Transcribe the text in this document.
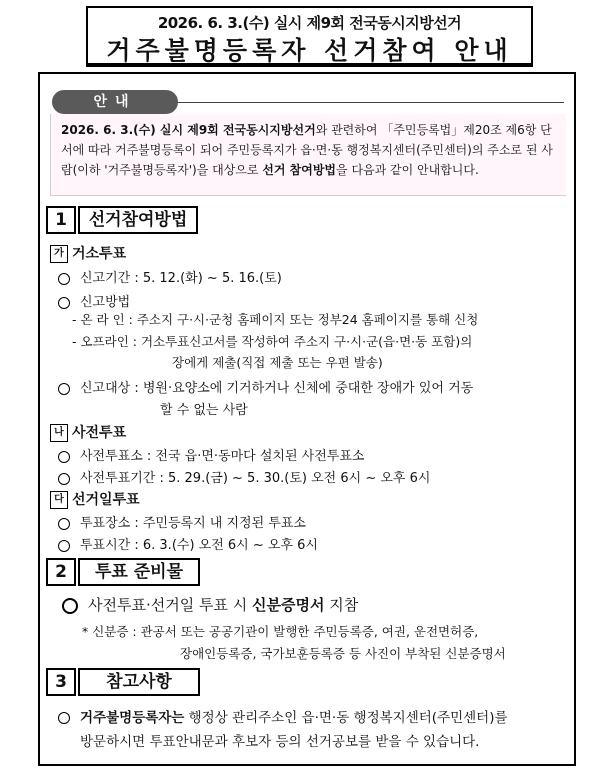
2026. 6. 3.(수) 실시 제9회 전국동시지방선거
거주불명등록자 선거참여 안내
안내
2026. 6. 3.(수) 실시 제9회 전국동시지방선거와 관련하여 「주민등록법」제20조 제6항 단서에 따라 거주불명등록이 되어 주민등록지가 읍·면·동 행정복지센터(주민센터)의 주소로 된 사람(이하 '거주불명등록자')을 대상으로 선거 참여방법을 다음과 같이 안내합니다.
1	선거참여방법
가 거소투표
신고기간 : 5. 12.(화) ~ 5. 16.(토)
신고방법
- 온 라 인 : 주소지 구·시·군청 홈페이지 또는 정부24 홈페이지를 통해 신청
- 오프라인 : 거소투표신고서를 작성하여 주소지 구·시·군(읍·면·동 포함)의
장에게 제출(직접 제출 또는 우편 발송)
신고대상 : 병원·요양소에 기거하거나 신체에 중대한 장애가 있어 거동
할 수 없는 사람
나 사전투표
사전투표소 : 전국 읍·면·동마다 설치된 사전투표소
사전투표기간 : 5. 29.(금) ~ 5. 30.(토) 오전 6시 ~ 오후 6시
다 선거일투표
투표장소 : 주민등록지 내 지정된 투표소
투표시간 : 6. 3.(수) 오전 6시 ~ 오후 6시
2	투표 준비물
사전투표·선거일 투표 시 신분증명서 지참
* 신분증 : 관공서 또는 공공기관이 발행한 주민등록증, 여권, 운전면허증,
장애인등록증, 국가보훈등록증 등 사진이 부착된 신분증명서
3	참고사항
거주불명등록자는 행정상 관리주소인 읍·면·동 행정복지센터(주민센터)를
방문하시면 투표안내문과 후보자 등의 선거공보를 받을 수 있습니다.
